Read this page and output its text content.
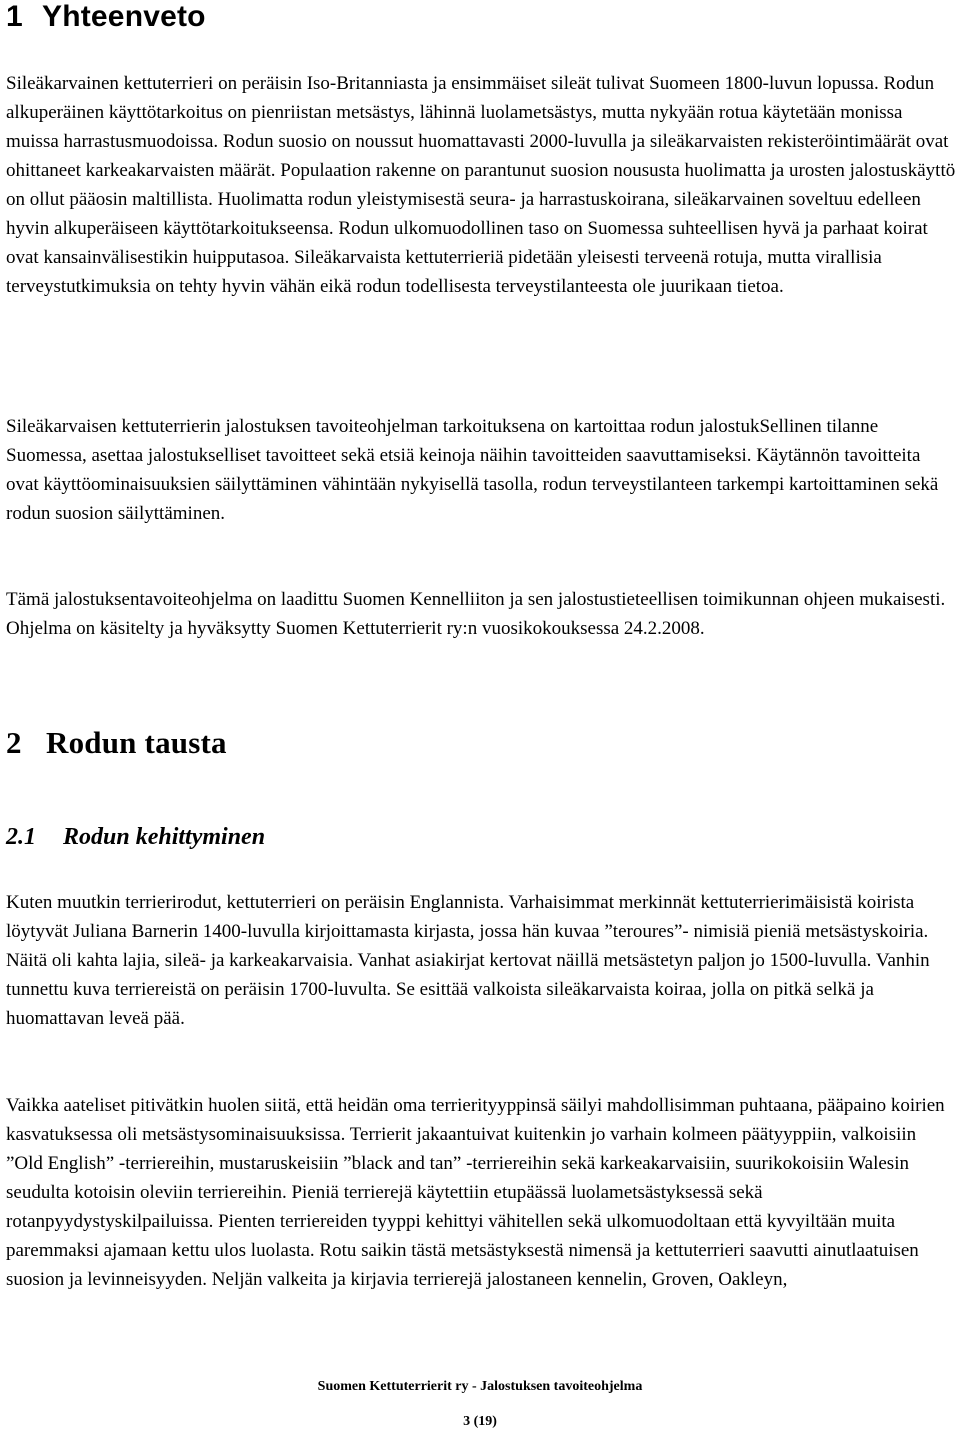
1 Yhteenveto

Sileäkarvainen kettuterrieri on peräisin Iso-Britanniasta ja ensimmäiset sileät tulivat Suomeen 1800-luvun lopussa. Rodun alkuperäinen käyttötarkoitus on pienriistan metsästys, lähinnä luolametsästys, mutta nykyään rotua käytetään monissa muissa harrastusmuodoissa. Rodun suosio on noussut huomattavasti 2000-luvulla ja sileäkarvaisten rekisteröintimäärät ovat ohittaneet karkeakarvaisten määrät. Populaation rakenne on parantunut suosion noususta huolimatta ja urosten jalostuskäyttö on ollut pääosin maltillista. Huolimatta rodun yleistymisestä seura- ja harrastuskoirana, sileäkarvainen soveltuu edelleen hyvin alkuperäiseen käyttötarkoitukseensa. Rodun ulkomuodollinen taso on Suomessa suhteellisen hyvä ja parhaat koirat ovat kansainvälisestikin huipputasoa. Sileäkarvaista kettuterrieriä pidetään yleisesti terveenä rotuja, mutta virallisia terveystutkimuksia on tehty hyvin vähän eikä rodun todellisesta terveystilanteesta ole juurikaan tietoa.

Sileäkarvaisen kettuterrierin jalostuksen tavoiteohjelman tarkoituksena on kartoittaa rodun jalostukSellinen tilanne Suomessa, asettaa jalostukselliset tavoitteet sekä etsiä keinoja näihin tavoitteiden saavuttamiseksi. Käytännön tavoitteita ovat käyttöominaisuuksien säilyttäminen vähintään nykyisellä tasolla, rodun terveystilanteen tarkempi kartoittaminen sekä rodun suosion säilyttäminen.

Tämä jalostuksentavoiteohjelma on laadittu Suomen Kennelliiton ja sen jalostustieteellisen toimikunnan ohjeen mukaisesti. Ohjelma on käsitelty ja hyväksytty Suomen Kettuterrierit ry:n vuosikokouksessa 24.2.2008.

2 Rodun tausta
2.1 Rodun kehittyminen

Kuten muutkin terrierirodut, kettuterrieri on peräisin Englannista. Varhaisimmat merkinnät kettuterrierimäisistä koirista löytyvät Juliana Barnerin 1400-luvulla kirjoittamasta kirjasta, jossa hän kuvaa ”teroures”- nimisiä pieniä metsästyskoiria. Näitä oli kahta lajia, sileä- ja karkeakarvaisia. Vanhat asiakirjat kertovat näillä metsästetyn paljon jo 1500-luvulla. Vanhin tunnettu kuva terriereistä on peräisin 1700-luvulta. Se esittää valkoista sileäkarvaista koiraa, jolla on pitkä selkä ja huomattavan leveä pää.

Vaikka aateliset pitivätkin huolen siitä, että heidän oma terrierityyppinsä säilyi mahdollisimman puhtaana, pääpaino koirien kasvatuksessa oli metsästysominaisuuksissa. Terrierit jakaantuivat kuitenkin jo varhain kolmeen päätyyppiin, valkoisiin ”Old English” -terriereihin, mustaruskeisiin ”black and tan” -terriereihin sekä karkeakarvaisiin, suurikokoisiin Walesin seudulta kotoisin oleviin terriereihin. Pieniä terrierejä käytettiin etupäässä luolametsästyksessä sekä rotanpyydystyskilpailuissa. Pienten terriereiden tyyppi kehittyi vähitellen sekä ulkomuodoltaan että kyvyiltään muita paremmaksi ajamaan kettu ulos luolasta. Rotu saikin tästä metsästyksestä nimensä ja kettuterrieri saavutti ainutlaatuisen suosion ja levinneisyyden. Neljän valkeita ja kirjavia terrierejä jalostaneen kennelin, Groven, Oakleyn,

Suomen Kettuterrierit ry - Jalostuksen tavoiteohjelma
3 (19)
